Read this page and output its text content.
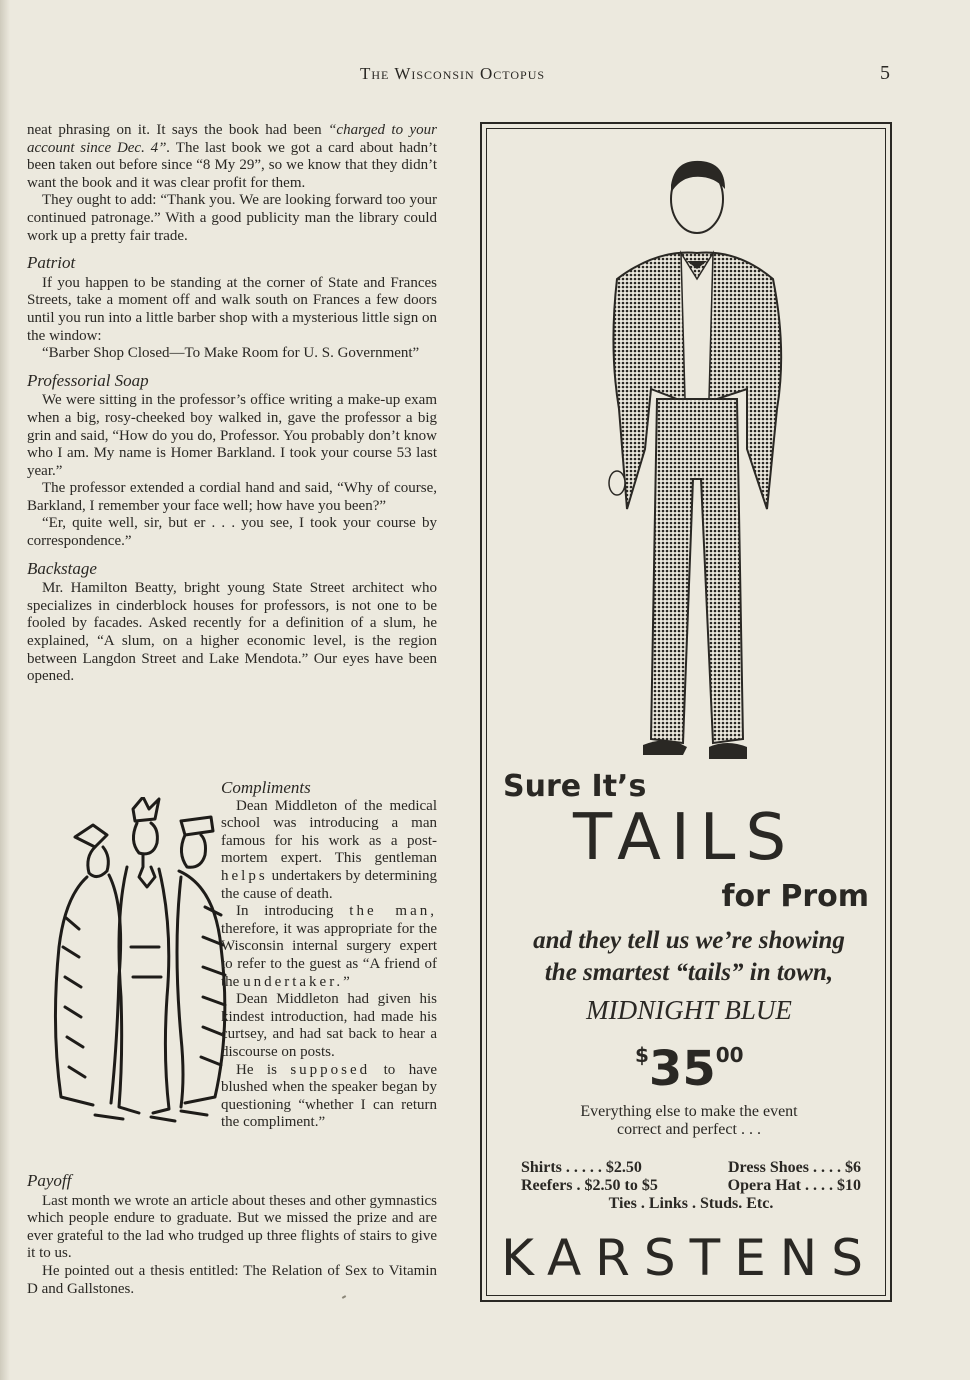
The Wisconsin Octopus	5

neat phrasing on it. It says the book had been “charged to your account since Dec. 4”. The last book we got a card about hadn’t been taken out before since “8 My 29”, so we know that they didn’t want the book and it was clear profit for them.

They ought to add: “Thank you. We are looking forward too your continued patronage.” With a good publicity man the library could work up a pretty fair trade.

Patriot

If you happen to be standing at the corner of State and Frances Streets, take a moment off and walk south on Frances a few doors until you run into a little barber shop with a mysterious little sign on the window:

“Barber Shop Closed—To Make Room for U. S. Government”

Professorial Soap

We were sitting in the professor’s office writing a make-up exam when a big, rosy-cheeked boy walked in, gave the professor a big grin and said, “How do you do, Professor. You probably don’t know who I am. My name is Homer Barkland. I took your course 53 last year.”

The professor extended a cordial hand and said, “Why of course, Barkland, I remember your face well; how have you been?”

“Er, quite well, sir, but er . . . you see, I took your course by correspondence.”

Backstage

Mr. Hamilton Beatty, bright young State Street architect who specializes in cinderblock houses for professors, is not one to be fooled by facades. Asked recently for a definition of a slum, he explained, “A slum, on a higher economic level, is the region between Langdon Street and Lake Mendota.” Our eyes have been opened.

Compliments

Dean Middleton of the medical school was introducing a man famous for his work as a post-mortem expert. This gentleman helps undertakers by determining the cause of death.

In introducing the man, therefore, it was appropriate for the Wisconsin internal surgery expert to refer to the guest as “A friend of the undertaker.”

Dean Middleton had given his kindest introduction, had made his curtsey, and had sat back to hear a discourse on posts.

He is supposed to have blushed when the speaker began by questioning “whether I can return the compliment.”

Payoff

Last month we wrote an article about theses and other gymnastics which people endure to graduate. But we missed the prize and are ever grateful to the lad who trudged up three flights of stairs to give it to us.

He pointed out a thesis entitled: The Relation of Sex to Vitamin D and Gallstones.

Sure It’s
TAILS
for Prom
and they tell us we’re showing
the smartest “tails” in town,
MIDNIGHT BLUE
$3500
Everything else to make the event
correct and perfect . . .
Shirts . . . . . $2.50	Dress Shoes . . . . $6
Reefers . $2.50 to $5	Opera Hat . . . . $10
Ties . Links . Studs. Etc.
KARSTENS
